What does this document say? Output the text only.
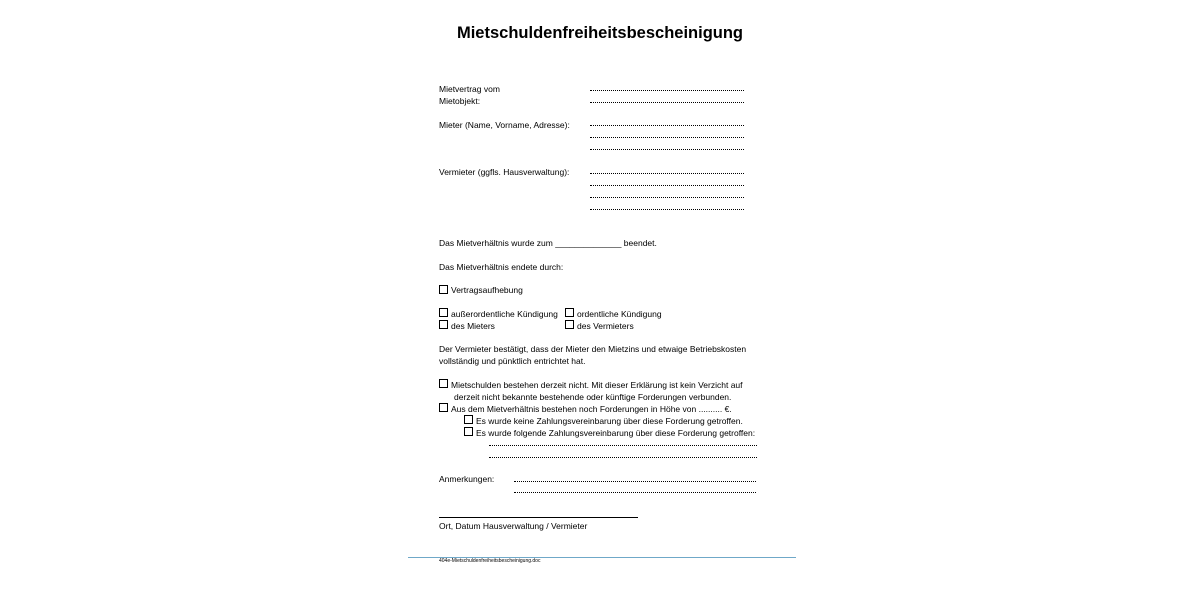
Mietschuldenfreiheitsbescheinigung
Mietvertrag vom
Mietobjekt:
Mieter (Name, Vorname, Adresse):
Vermieter (ggfls. Hausverwaltung):
Das Mietverhältnis wurde zum ______________ beendet.
Das Mietverhältnis endete durch:
Vertragsaufhebung
außerordentliche Kündigung ordentliche Kündigung
des Mieters	des Vermieters
Der Vermieter bestätigt, dass der Mieter den Mietzins und etwaige Betriebskosten
vollständig und pünktlich entrichtet hat.
Mietschulden bestehen derzeit nicht. Mit dieser Erklärung ist kein Verzicht auf
derzeit nicht bekannte bestehende oder künftige Forderungen verbunden.
Aus dem Mietverhältnis bestehen noch Forderungen in Höhe von .......... €.
Es wurde keine Zahlungsvereinbarung über diese Forderung getroffen.
Es wurde folgende Zahlungsvereinbarung über diese Forderung getroffen:
Anmerkungen:
Ort, Datum Hausverwaltung / Vermieter
404e-Mietschuldenfreiheitsbescheinigung.doc
